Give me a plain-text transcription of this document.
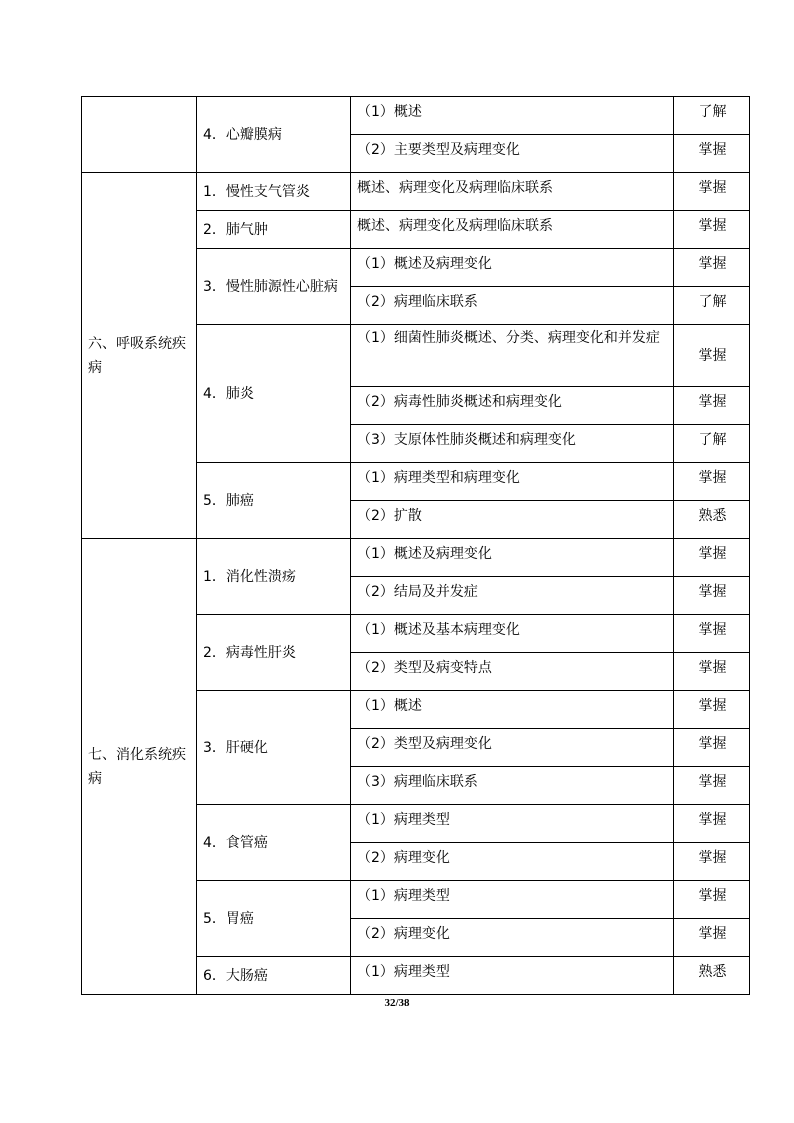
	4．心瓣膜病	（1）概述	了解
		（2）主要类型及病理变化	掌握
六、呼吸系统疾病	1．慢性支气管炎	概述、病理变化及病理临床联系	掌握
	2．肺气肿	概述、病理变化及病理临床联系	掌握
	3．慢性肺源性心脏病	（1）概述及病理变化	掌握
		（2）病理临床联系	了解
	4．肺炎	（1）细菌性肺炎概述、分类、病理变化和并发症	掌握
		（2）病毒性肺炎概述和病理变化	掌握
		（3）支原体性肺炎概述和病理变化	了解
	5．肺癌	（1）病理类型和病理变化	掌握
		（2）扩散	熟悉
七、消化系统疾病	1．消化性溃疡	（1）概述及病理变化	掌握
		（2）结局及并发症	掌握
	2．病毒性肝炎	（1）概述及基本病理变化	掌握
		（2）类型及病变特点	掌握
	3．肝硬化	（1）概述	掌握
		（2）类型及病理变化	掌握
		（3）病理临床联系	掌握
	4．食管癌	（1）病理类型	掌握
		（2）病理变化	掌握
	5．胃癌	（1）病理类型	掌握
		（2）病理变化	掌握
	6．大肠癌	（1）病理类型	熟悉
32/38
